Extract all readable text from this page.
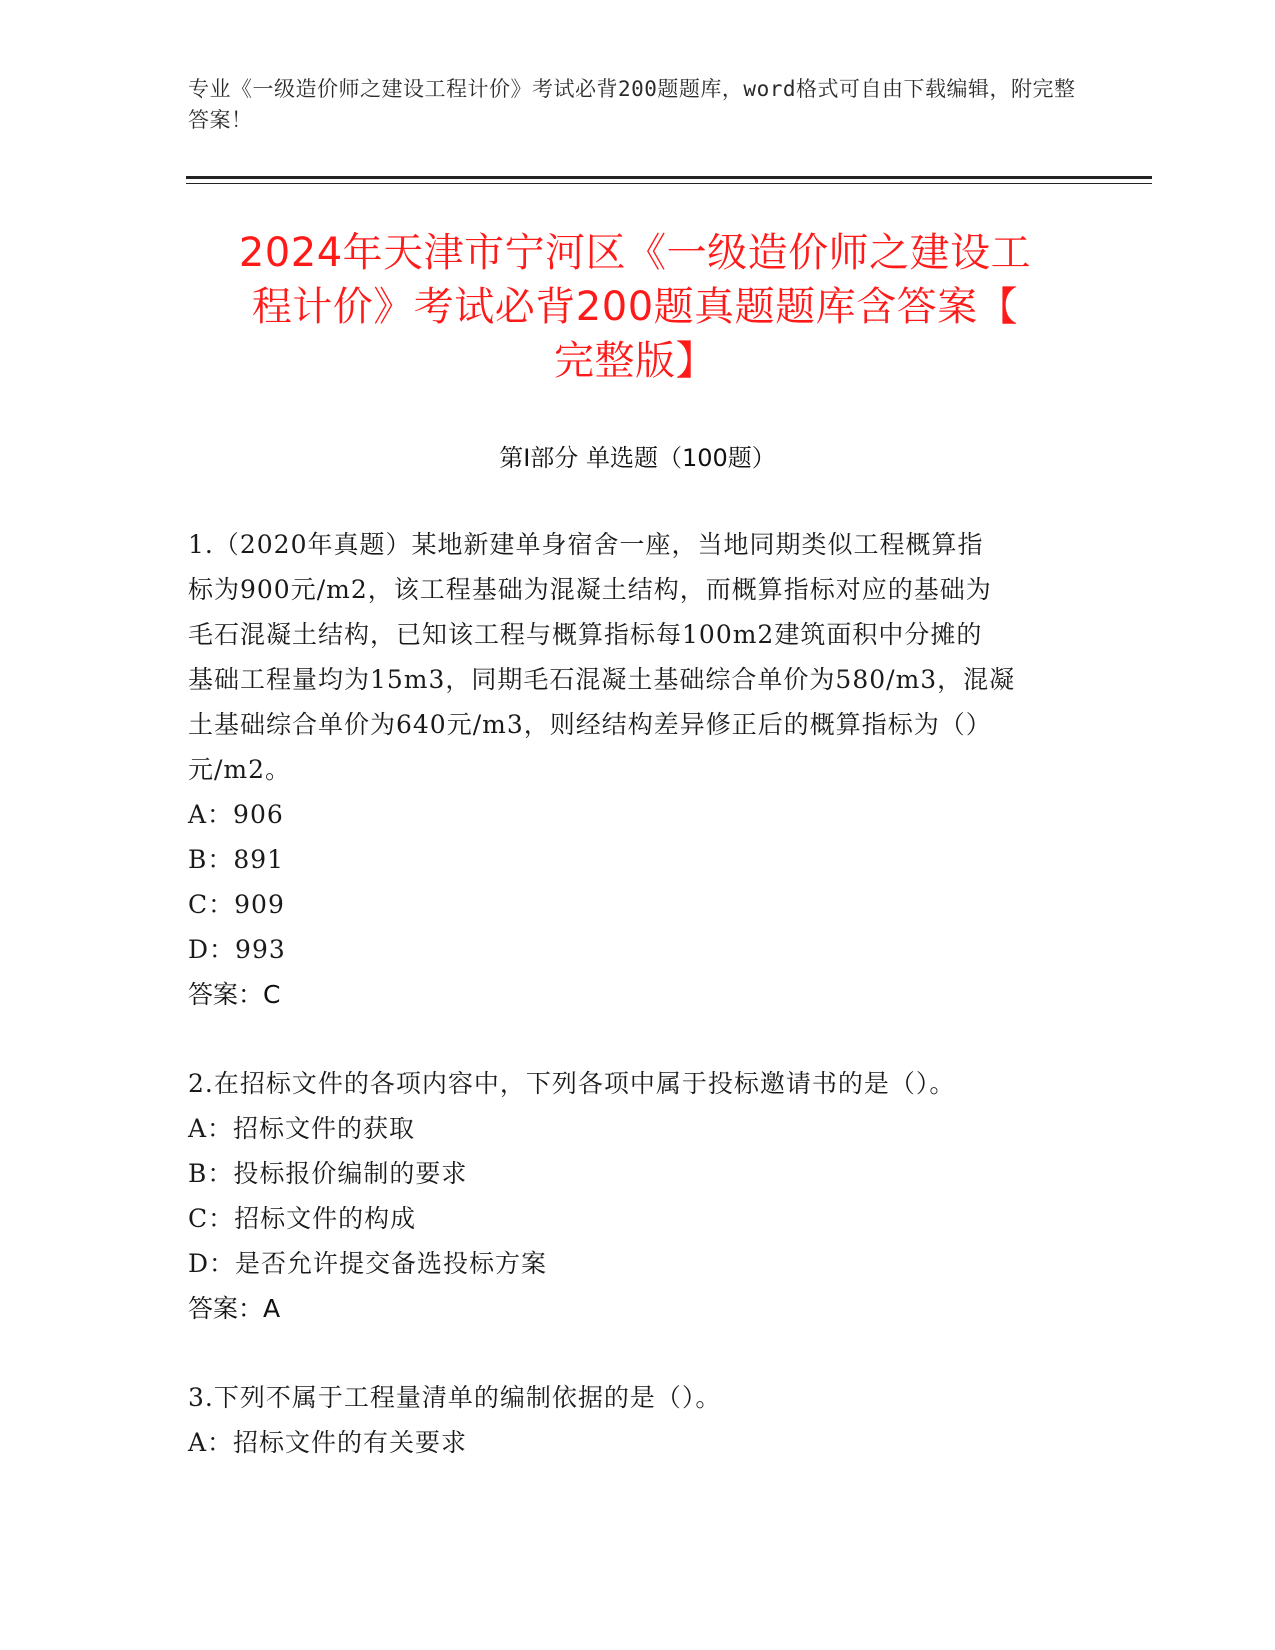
专业《一级造价师之建设工程计价》考试必背200题题库，word格式可自由下载编辑，附完整答案！
2024年天津市宁河区《一级造价师之建设工
程计价》考试必背200题真题题库含答案【
完整版】
第I部分 单选题（100题）
1.（2020年真题）某地新建单身宿舍一座，当地同期类似工程概算指
标为900元/m2，该工程基础为混凝土结构，而概算指标对应的基础为
毛石混凝土结构，已知该工程与概算指标每100m2建筑面积中分摊的
基础工程量均为15m3，同期毛石混凝土基础综合单价为580/m3，混凝
土基础综合单价为640元/m3，则经结构差异修正后的概算指标为（）
元/m2。
A：906
B：891
C：909
D：993
答案：C
2.在招标文件的各项内容中，下列各项中属于投标邀请书的是（）。
A：招标文件的获取
B：投标报价编制的要求
C：招标文件的构成
D：是否允许提交备选投标方案
答案：A
3.下列不属于工程量清单的编制依据的是（）。
A：招标文件的有关要求
